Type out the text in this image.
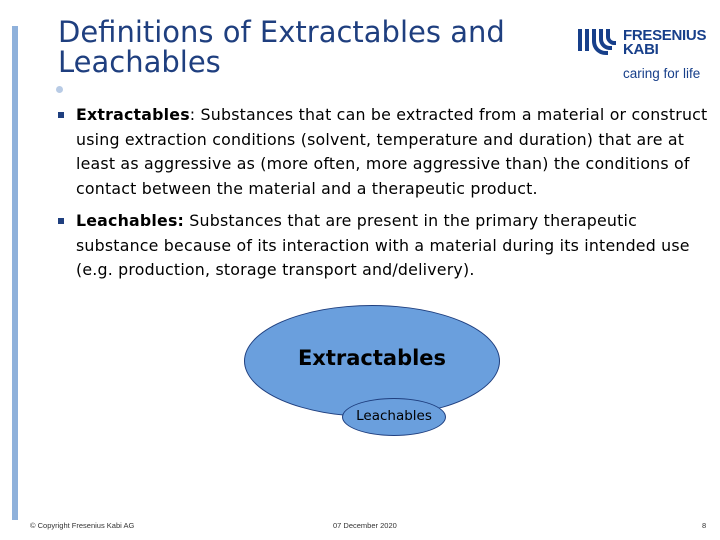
Definitions of Extractables and Leachables
FRESENIUS KABI
caring for life
Extractables: Substances that can be extracted from a material or construct using extraction conditions (solvent, temperature and duration) that are at least as aggressive as (more often, more aggressive than) the conditions of contact between the material and a therapeutic product.
Leachables: Substances that are present in the primary therapeutic substance because of its interaction with a material during its intended use (e.g. production, storage transport and/delivery).
Extractables
Leachables
© Copyright Fresenius Kabi AG	07 December 2020	8
